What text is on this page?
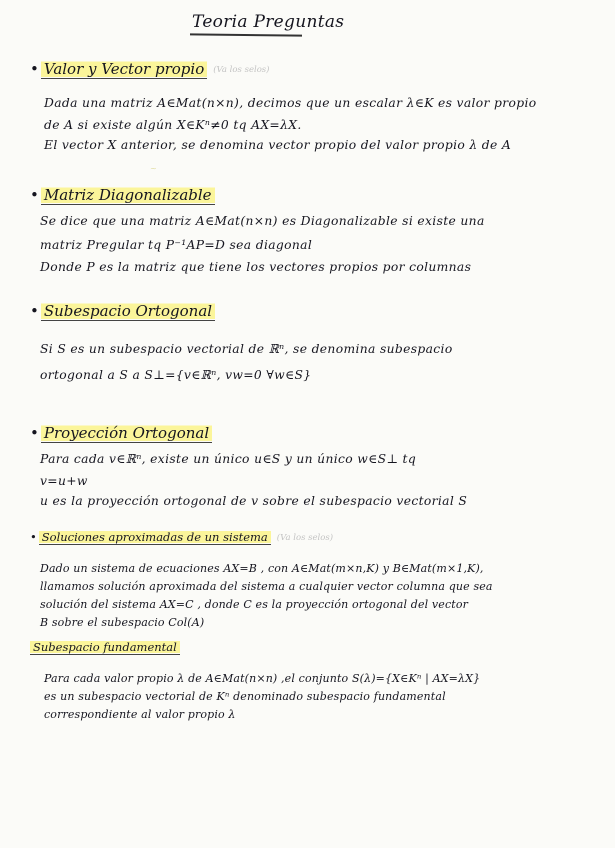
Teoria Preguntas
• Valor y Vector propio (Va los selos)
Dada una matriz A∈Mat(n×n), decimos que un escalar λ∈K es valor propio
de A si existe algún X∈Kⁿ≠0 tq AX=λX.
El vector X anterior, se denomina vector propio del valor propio λ de A
~
• Matriz Diagonalizable
Se dice que una matriz A∈Mat(n×n) es Diagonalizable si existe una
matriz Pregular tq P⁻¹AP=D sea diagonal
Donde P es la matriz que tiene los vectores propios por columnas
• Subespacio Ortogonal
Si S es un subespacio vectorial de ℝⁿ, se denomina subespacio
ortogonal a S a S⊥={v∈ℝⁿ, vw=0 ∀w∈S}
• Proyección Ortogonal
Para cada v∈ℝⁿ, existe un único u∈S y un único w∈S⊥ tq
v=u+w
u es la proyección ortogonal de v sobre el subespacio vectorial S
• Soluciones aproximadas de un sistema (Va los selos)
Dado un sistema de ecuaciones AX=B , con A∈Mat(m×n,K) y B∈Mat(m×1,K),
llamamos solución aproximada del sistema a cualquier vector columna que sea
solución del sistema AX=C , donde C es la proyección ortogonal del vector
B sobre el subespacio Col(A)
Subespacio fundamental
Para cada valor propio λ de A∈Mat(n×n) ,el conjunto S(λ)={X∈Kⁿ | AX=λX}
es un subespacio vectorial de Kⁿ denominado subespacio fundamental
correspondiente al valor propio λ
